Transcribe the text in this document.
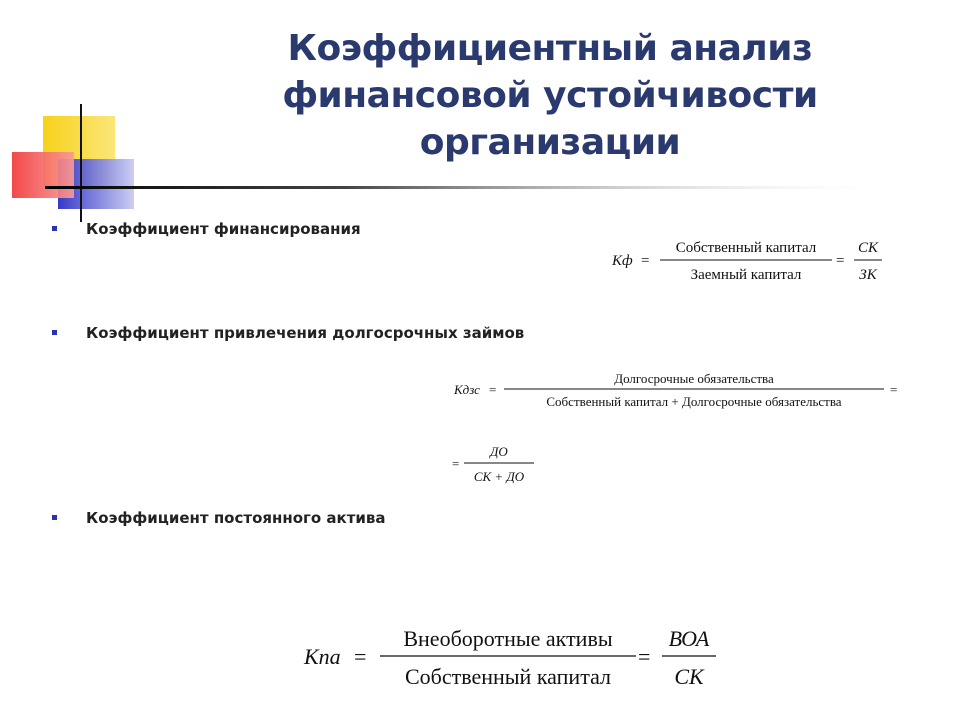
Коэффициентный анализ
финансовой устойчивости
организации
Коэффициент финансирования
Кф =
Собственный капитал
Заемный капитал
=
СК
ЗК
Коэффициент привлечения долгосрочных займов
Кдзс =
Долгосрочные обязательства
Собственный капитал + Долгосрочные обязательства
=
=
ДО
СК + ДО
Коэффициент постоянного актива
Кпа =
Внеоборотные активы
Собственный капитал
=
ВОА
СК
